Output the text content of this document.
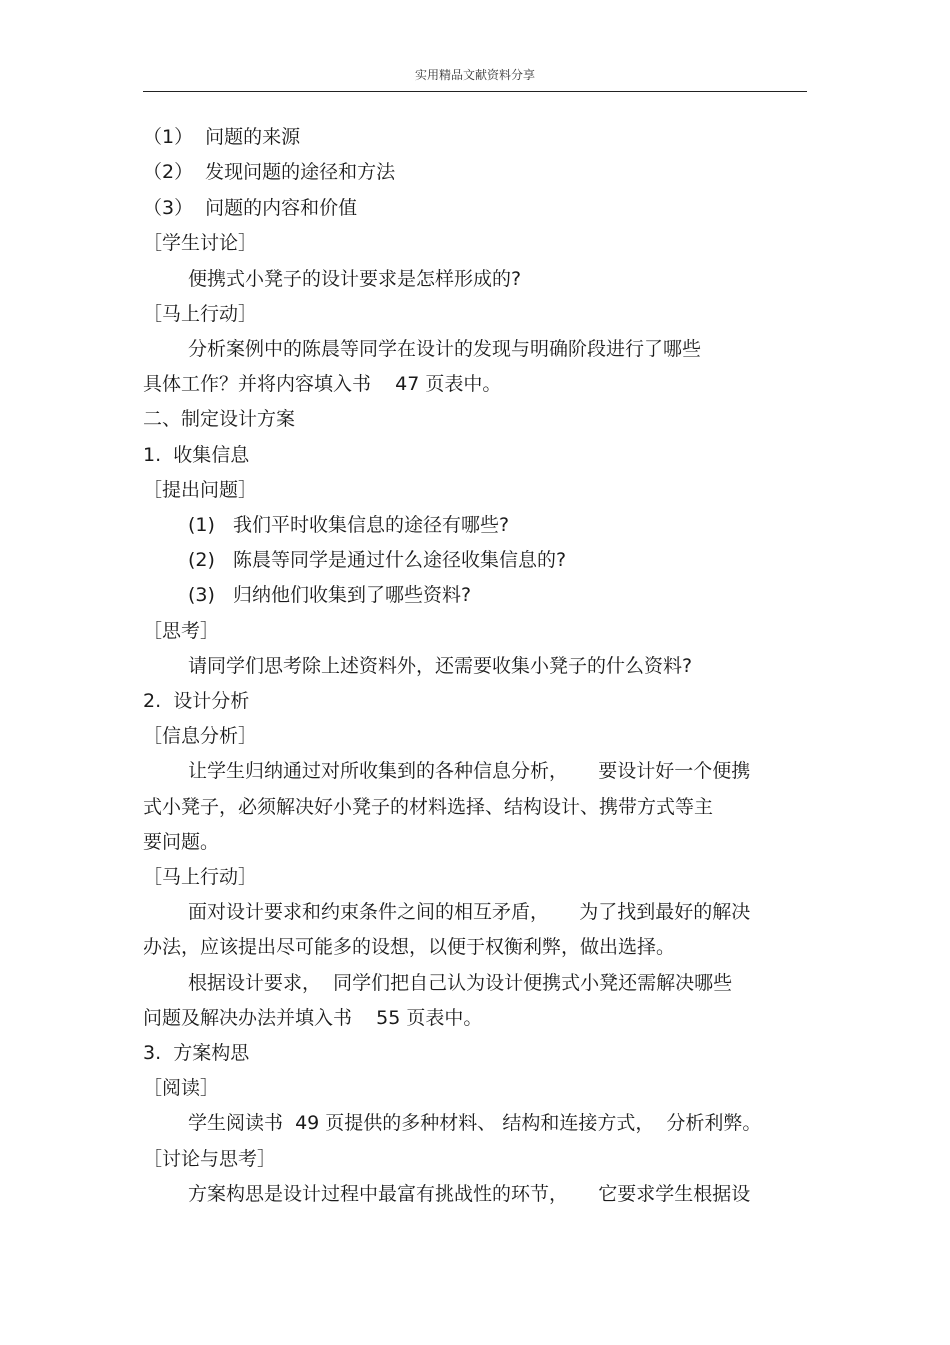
实用精品文献资料分享
（1）  问题的来源
（2）  发现问题的途径和方法
（3）  问题的内容和价值
［学生讨论］
便携式小凳子的设计要求是怎样形成的?
［马上行动］
分析案例中的陈晨等同学在设计的发现与明确阶段进行了哪些
具体工作？并将内容填入书    47 页表中。
二、制定设计方案
1.  收集信息
［提出问题］
(1)   我们平时收集信息的途径有哪些?
(2)   陈晨等同学是通过什么途径收集信息的?
(3)   归纳他们收集到了哪些资料?
［思考］
请同学们思考除上述资料外，还需要收集小凳子的什么资料?
2.  设计分析
［信息分析］
让学生归纳通过对所收集到的各种信息分析，     要设计好一个便携
式小凳子，必须解决好小凳子的材料选择、结构设计、携带方式等主
要问题。
［马上行动］
面对设计要求和约束条件之间的相互矛盾，     为了找到最好的解决
办法，应该提出尽可能多的设想，以便于权衡利弊，做出选择。
根据设计要求，  同学们把自己认为设计便携式小凳还需解决哪些
问题及解决办法并填入书    55 页表中。
3.  方案构思
［阅读］
学生阅读书  49 页提供的多种材料、 结构和连接方式，  分析利弊。
［讨论与思考］
方案构思是设计过程中最富有挑战性的环节，     它要求学生根据设
